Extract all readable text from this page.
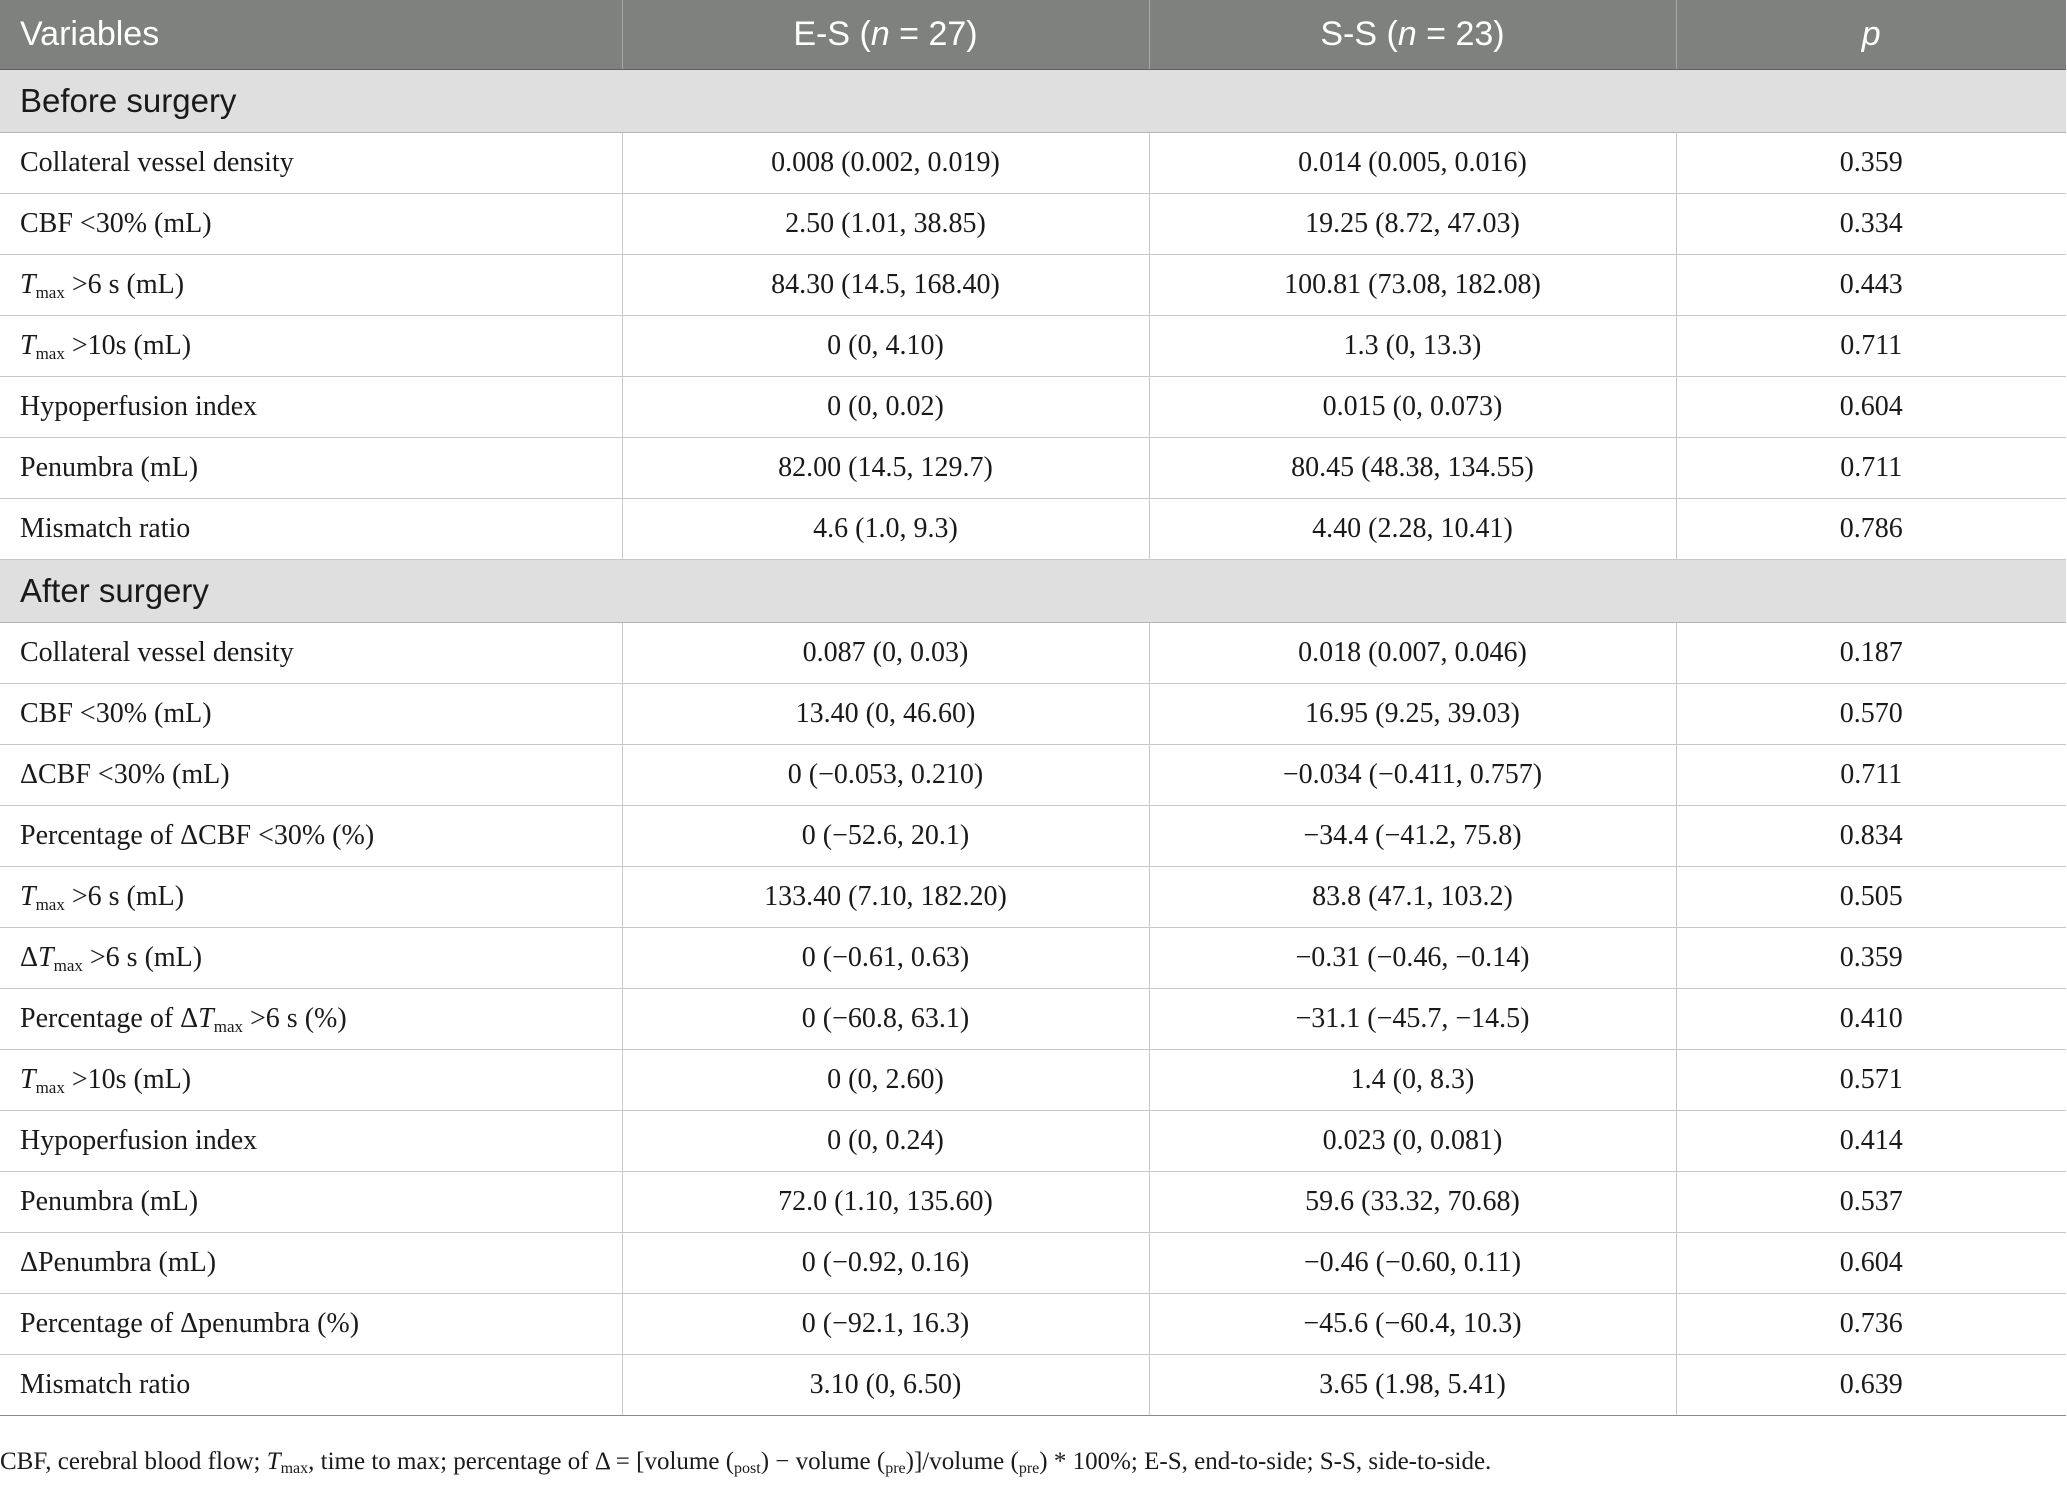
Variables	E-S (n = 27)	S-S (n = 23)	p
Before surgery			
Collateral vessel density	0.008 (0.002, 0.019)	0.014 (0.005, 0.016)	0.359
CBF <30% (mL)	2.50 (1.01, 38.85)	19.25 (8.72, 47.03)	0.334
$T_{max} >6$ s (mL)	84.30 (14.5, 168.40)	100.81 (73.08, 182.08)	0.443
$T_{max} >10s$ (mL)	0 (0, 4.10)	1.3 (0, 13.3)	0.711
Hypoperfusion index	0 (0, 0.02)	0.015 (0, 0.073)	0.604
Penumbra (mL)	82.00 (14.5, 129.7)	80.45 (48.38, 134.55)	0.711
Mismatch ratio	4.6 (1.0, 9.3)	4.40 (2.28, 10.41)	0.786
After surgery			
Collateral vessel density	0.087 (0, 0.03)	0.018 (0.007, 0.046)	0.187
CBF <30% (mL)	13.40 (0, 46.60)	16.95 (9.25, 39.03)	0.570
ΔCBF <30% (mL)	0 (−0.053, 0.210)	−0.034 (−0.411, 0.757)	0.711
Percentage of ΔCBF <30% (%)	0 (−52.6, 20.1)	−34.4 (−41.2, 75.8)	0.834
$T_{max} >6$ s (mL)	133.40 (7.10, 182.20)	83.8 (47.1, 103.2)	0.505
$\Delta T_{max} >6$ s (mL)	0 (−0.61, 0.63)	−0.31 (−0.46, −0.14)	0.359
Percentage of $\Delta T_{max} >6$ s (%)	0 (−60.8, 63.1)	−31.1 (−45.7, −14.5)	0.410
$T_{max} >10s$ (mL)	0 (0, 2.60)	1.4 (0, 8.3)	0.571
Hypoperfusion index	0 (0, 0.24)	0.023 (0, 0.081)	0.414
Penumbra (mL)	72.0 (1.10, 135.60)	59.6 (33.32, 70.68)	0.537
ΔPenumbra (mL)	0 (−0.92, 0.16)	−0.46 (−0.60, 0.11)	0.604
Percentage of Δpenumbra (%)	0 (−92.1, 16.3)	−45.6 (−60.4, 10.3)	0.736
Mismatch ratio	3.10 (0, 6.50)	3.65 (1.98, 5.41)	0.639
CBF, cerebral blood flow; $T_{max}$, time to max; percentage of Δ = [volume $(_{post})$ − volume $(_{pre})$]/volume $(_{pre}) * 100\%$; E-S, end-to-side; S-S, side-to-side.
